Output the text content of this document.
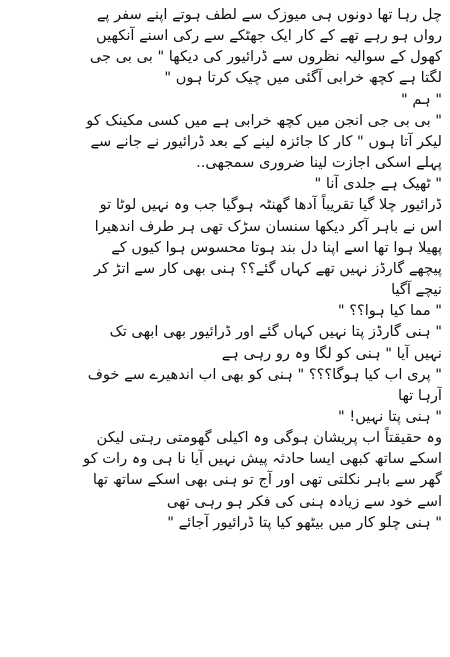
چل رہا تھا دونوں ہی میوزک سے لطف ہوتے اپنے سفر پے
رواں ہو رہے تھے کے کار ایک جھٹکے سے رکی اسنے آنکھیں
کھول کے سوالیہ نظروں سے ڈرائیور کی دیکھا " بی بی جی
لگتا ہے کچھ خرابی آگئی میں چیک کرتا ہوں "
" ہم "
" بی بی جی انجن میں کچھ خرابی ہے میں کسی مکینک کو
لیکر آتا ہوں " کار کا جائزہ لینے کے بعد ڈرائیور نے جانے سے
پہلے اسکی اجازت لینا ضروری سمجھی..
" ٹھیک ہے جلدی آنا "
ڈرائیور چلا گیا تقریباً آدھا گھنٹہ ہوگیا جب وہ نہیں لوٹا تو
اس نے باہر آکر دیکھا سنسان سڑک تھی ہر طرف اندھیرا
پھیلا ہوا تھا اسے اپنا دل بند ہوتا محسوس ہوا کیوں کے
پیچھے گارڈز نہیں تھے کہاں گئے؟؟ ہنی بھی کار سے اتڑ کر
نیچے آگیا
" مما کیا ہوا؟؟ "
" ہنی گارڈز پتا نہیں کہاں گئے اور ڈرائیور بھی ابھی تک
نہیں آیا " ہنی کو لگا وہ رو رہی ہے
" پری اب کیا ہوگا؟؟؟ " ہنی کو بھی اب اندھیرے سے خوف
آرہا تھا
" ہنی پتا نہیں! "
وہ حقیقتاً اب پریشان ہوگی وہ اکیلی گھومتی رہتی لیکن
اسکے ساتھ کبھی ایسا حادثہ پیش نہیں آیا نا ہی وہ رات کو
گھر سے باہر نکلتی تھی اور آج تو ہنی بھی اسکے ساتھ تھا
اسے خود سے زیادہ ہنی کی فکر ہو رہی تھی
" ہنی چلو کار میں بیٹھو کیا پتا ڈرائیور آجائے "
